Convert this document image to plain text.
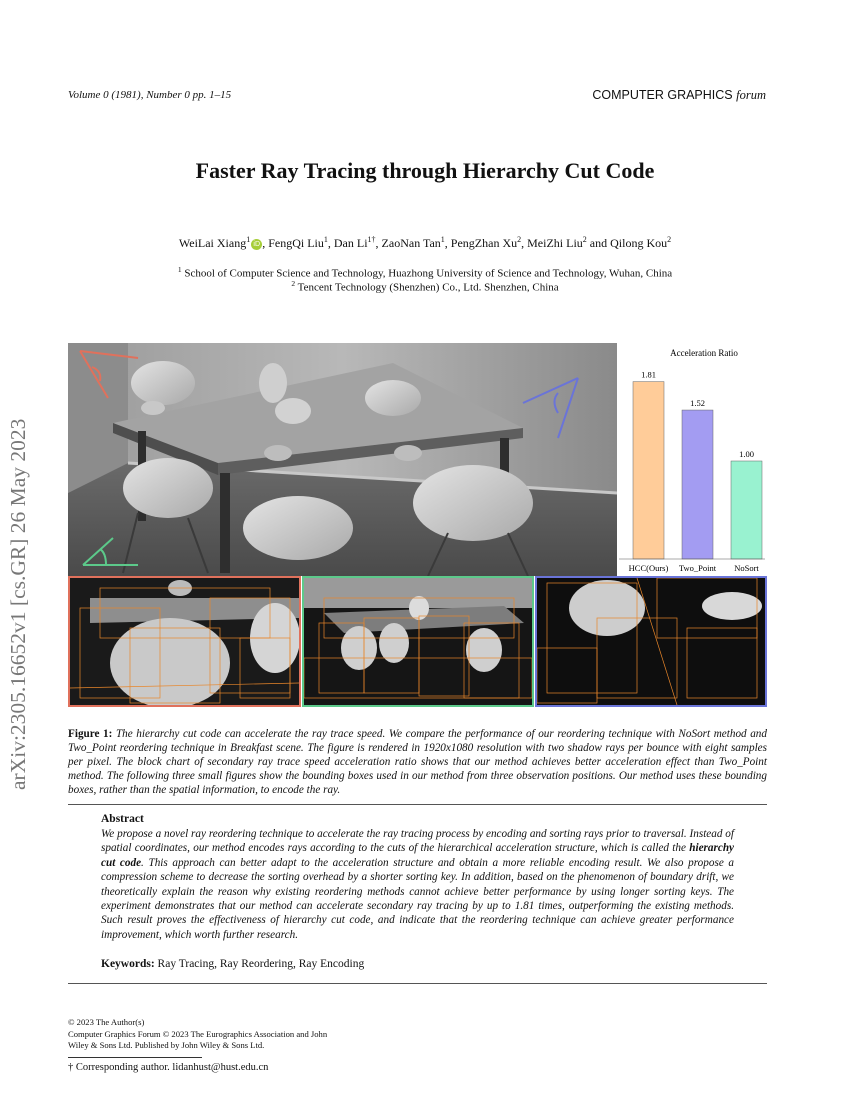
Volume 0 (1981), Number 0 pp. 1–15	COMPUTER GRAPHICS forum
Faster Ray Tracing through Hierarchy Cut Code
WeiLai Xiang$^1$iD , FengQi Liu$^1$, Dan $Li^{1\dagger}$, ZaoNan Tan$^1$, PengZhan Xu$^2$, MeiZhi Liu$^2$ and Qilong Kou$^2$
$^1$ School of Computer Science and Technology, Huazhong University of Science and Technology, Wuhan, China
$^2$ Tencent Technology (Shenzhen) Co., Ltd. Shenzhen, China
arXiv:2305.16652v1 [cs.GR] 26 May 2023
Acceleration Ratio
1.81
HCC(Ours)
1.52
Two_Point
1.00
NoSort
Figure 1: The hierarchy cut code can accelerate the ray trace speed. We compare the performance of our reordering technique with NoSort method and Two_Point reordering technique in Breakfast scene. The figure is rendered in 1920x1080 resolution with two shadow rays per bounce with eight samples per pixel. The block chart of secondary ray trace speed acceleration ratio shows that our method achieves better acceleration effect than Two_Point method. The following three small figures show the bounding boxes used in our method from three observation positions. Our method uses these bounding boxes, rather than the spatial information, to encode the ray.
Abstract
We propose a novel ray reordering technique to accelerate the ray tracing process by encoding and sorting rays prior to traversal. Instead of spatial coordinates, our method encodes rays according to the cuts of the hierarchical acceleration structure, which is called the hierarchy cut code. This approach can better adapt to the acceleration structure and obtain a more reliable encoding result. We also propose a compression scheme to decrease the sorting overhead by a shorter sorting key. In addition, based on the phenomenon of boundary drift, we theoretically explain the reason why existing reordering methods cannot achieve better performance by using longer sorting keys. The experiment demonstrates that our method can accelerate secondary ray tracing by up to 1.81 times, outperforming the existing methods. Such result proves the effectiveness of hierarchy cut code, and indicate that the reordering technique can achieve greater performance improvement, which worth further research.
Keywords: Ray Tracing, Ray Reordering, Ray Encoding
© 2023 The Author(s)
Computer Graphics Forum © 2023 The Eurographics Association and John
Wiley & Sons Ltd. Published by John Wiley & Sons Ltd.
† Corresponding author. lidanhust@hust.edu.cn
